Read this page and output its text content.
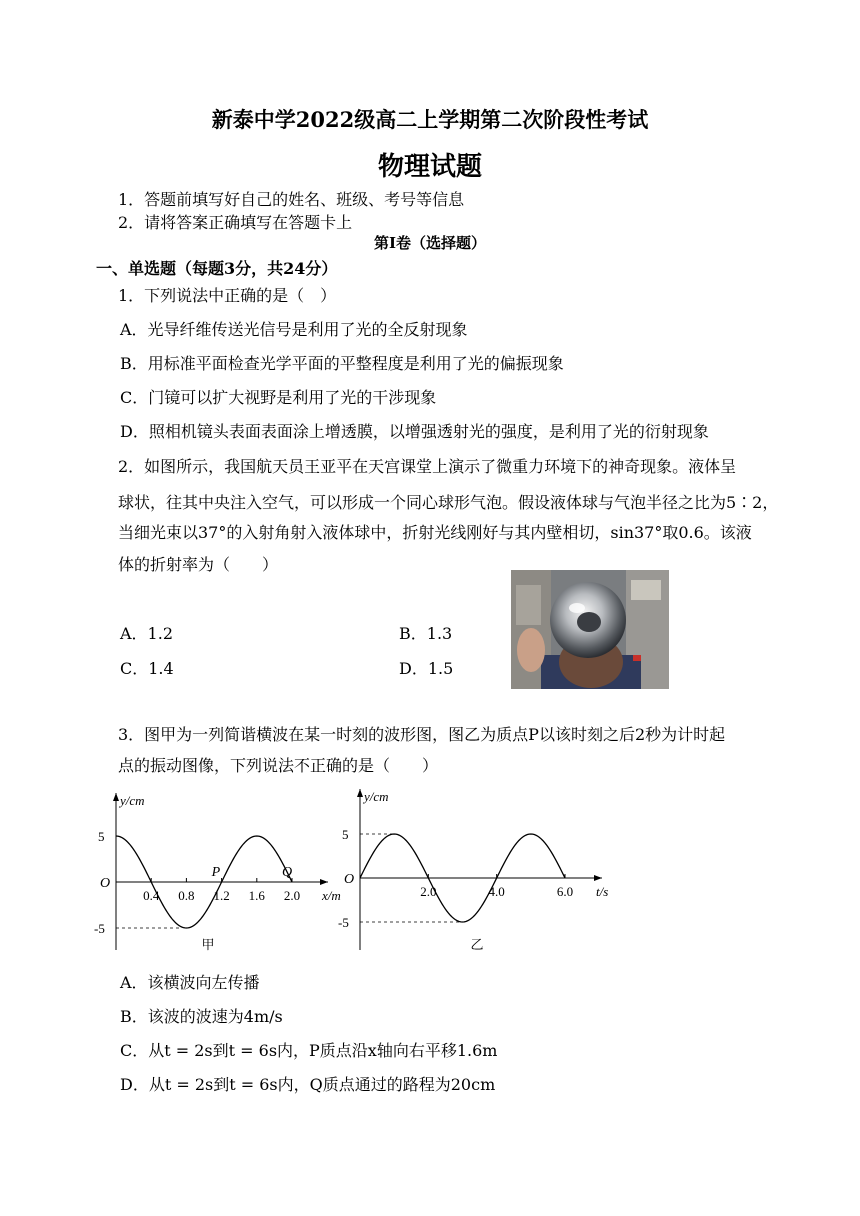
新泰中学2022级高二上学期第二次阶段性考试
物理试题
1．答题前填写好自己的姓名、班级、考号等信息
2．请将答案正确填写在答题卡上
第Ⅰ卷（选择题）
一、单选题（每题3分，共24分）
1．下列说法中正确的是（　）
A．光导纤维传送光信号是利用了光的全反射现象
B．用标准平面检查光学平面的平整程度是利用了光的偏振现象
C．门镜可以扩大视野是利用了光的干涉现象
D．照相机镜头表面表面涂上增透膜，以增强透射光的强度，是利用了光的衍射现象
2．如图所示，我国航天员王亚平在天宫课堂上演示了微重力环境下的神奇现象。液体呈
球状，往其中央注入空气，可以形成一个同心球形气泡。假设液体球与气泡半径之比为5∶2，
当细光束以37°的入射角射入液体球中，折射光线刚好与其内壁相切，sin37°取0.6。该液
体的折射率为（　　）
A．1.2	B．1.3
C．1.4	D．1.5
3．图甲为一列简谐横波在某一时刻的波形图，图乙为质点P以该时刻之后2秒为计时起
点的振动图像，下列说法不正确的是（　　）
y/cm
O
x/m
5
-5
0.4 0.8 1.2 1.6 2.0
P	Q
甲
y/cm
O
t/s
5
-5
2.0	4.0	6.0
乙
A．该横波向左传播
B．该波的波速为4m/s
C．从t = 2s到t = 6s内，P质点沿x轴向右平移1.6m
D．从t = 2s到t = 6s内，Q质点通过的路程为20cm
